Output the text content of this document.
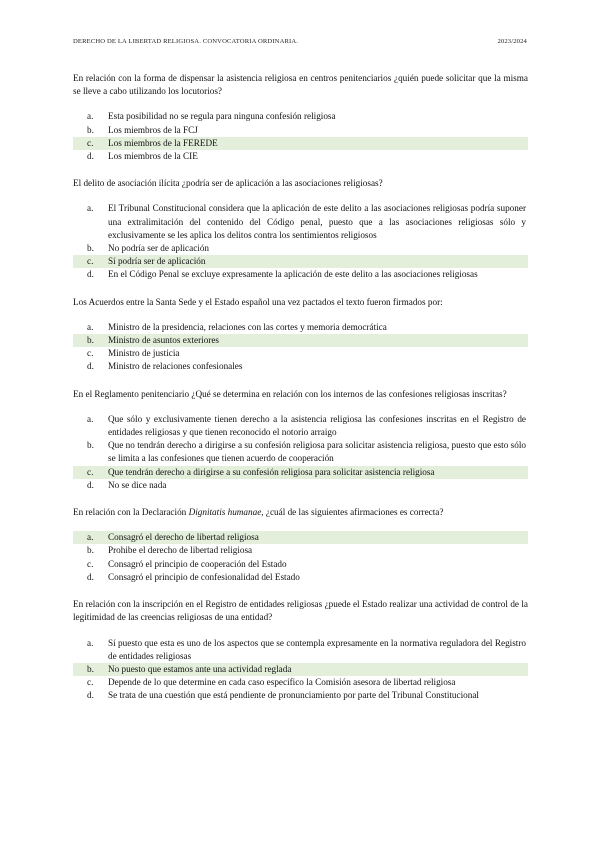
DERECHO DE LA LIBERTAD RELIGIOSA. CONVOCATORIA ORDINARIA.	2023/2024

En relación con la forma de dispensar la asistencia religiosa en centros penitenciarios ¿quién puede solicitar que la misma se lleve a cabo utilizando los locutorios?

a.	Esta posibilidad no se regula para ninguna confesión religiosa
b.	Los miembros de la FCJ
c.	Los miembros de la FEREDE
d.	Los miembros de la CIE

El delito de asociación ilícita ¿podría ser de aplicación a las asociaciones religiosas?

a.	El Tribunal Constitucional considera que la aplicación de este delito a las asociaciones religiosas podría suponer una extralimitación del contenido del Código penal, puesto que a las asociaciones religiosas sólo y exclusivamente se les aplica los delitos contra los sentimientos religiosos
b.	No podría ser de aplicación
c.	Sí podría ser de aplicación
d.	En el Código Penal se excluye expresamente la aplicación de este delito a las asociaciones religiosas

Los Acuerdos entre la Santa Sede y el Estado español una vez pactados el texto fueron firmados por:

a.	Ministro de la presidencia, relaciones con las cortes y memoria democrática
b.	Ministro de asuntos exteriores
c.	Ministro de justicia
d.	Ministro de relaciones confesionales

En el Reglamento penitenciario ¿Qué se determina en relación con los internos de las confesiones religiosas inscritas?

a.	Que sólo y exclusivamente tienen derecho a la asistencia religiosa las confesiones inscritas en el Registro de entidades religiosas y que tienen reconocido el notorio arraigo
b.	Que no tendrán derecho a dirigirse a su confesión religiosa para solicitar asistencia religiosa, puesto que esto sólo se limita a las confesiones que tienen acuerdo de cooperación
c.	Que tendrán derecho a dirigirse a su confesión religiosa para solicitar asistencia religiosa
d.	No se dice nada

En relación con la Declaración Dignitatis humanae, ¿cuál de las siguientes afirmaciones es correcta?

a.	Consagró el derecho de libertad religiosa
b.	Prohibe el derecho de libertad religiosa
c.	Consagró el principio de cooperación del Estado
d.	Consagró el principio de confesionalidad del Estado

En relación con la inscripción en el Registro de entidades religiosas ¿puede el Estado realizar una actividad de control de la legitimidad de las creencias religiosas de una entidad?

a.	Sí puesto que esta es uno de los aspectos que se contempla expresamente en la normativa reguladora del Registro de entidades religiosas
b.	No puesto que estamos ante una actividad reglada
c.	Depende de lo que determine en cada caso específico la Comisión asesora de libertad religiosa
d.	Se trata de una cuestión que está pendiente de pronunciamiento por parte del Tribunal Constitucional
